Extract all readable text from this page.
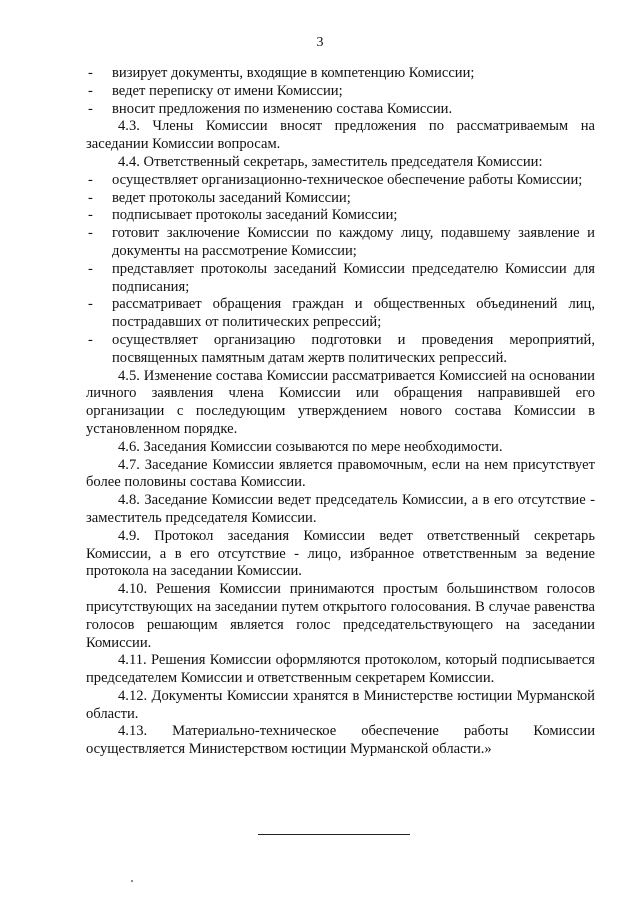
3
- визирует документы, входящие в компетенцию Комиссии;
- ведет переписку от имени Комиссии;
- вносит предложения по изменению состава Комиссии.
4.3. Члены Комиссии вносят предложения по рассматриваемым на заседании Комиссии вопросам.
4.4. Ответственный секретарь, заместитель председателя Комиссии:
- осуществляет организационно-техническое обеспечение работы Комиссии;
- ведет протоколы заседаний Комиссии;
- подписывает протоколы заседаний Комиссии;
- готовит заключение Комиссии по каждому лицу, подавшему заявление и документы на рассмотрение Комиссии;
- представляет протоколы заседаний Комиссии председателю Комиссии для подписания;
- рассматривает обращения граждан и общественных объединений лиц, пострадавших от политических репрессий;
- осуществляет организацию подготовки и проведения мероприятий, посвященных памятным датам жертв политических репрессий.
4.5. Изменение состава Комиссии рассматривается Комиссией на основании личного заявления члена Комиссии или обращения направившей его организации с последующим утверждением нового состава Комиссии в установленном порядке.
4.6. Заседания Комиссии созываются по мере необходимости.
4.7. Заседание Комиссии является правомочным, если на нем присутствует более половины состава Комиссии.
4.8. Заседание Комиссии ведет председатель Комиссии, а в его отсутствие - заместитель председателя Комиссии.
4.9. Протокол заседания Комиссии ведет ответственный секретарь Комиссии, а в его отсутствие - лицо, избранное ответственным за ведение протокола на заседании Комиссии.
4.10. Решения Комиссии принимаются простым большинством голосов присутствующих на заседании путем открытого голосования. В случае равенства голосов решающим является голос председательствующего на заседании Комиссии.
4.11. Решения Комиссии оформляются протоколом, который подписывается председателем Комиссии и ответственным секретарем Комиссии.
4.12. Документы Комиссии хранятся в Министерстве юстиции Мурманской области.
4.13. Материально-техническое обеспечение работы Комиссии осуществляется Министерством юстиции Мурманской области.»
